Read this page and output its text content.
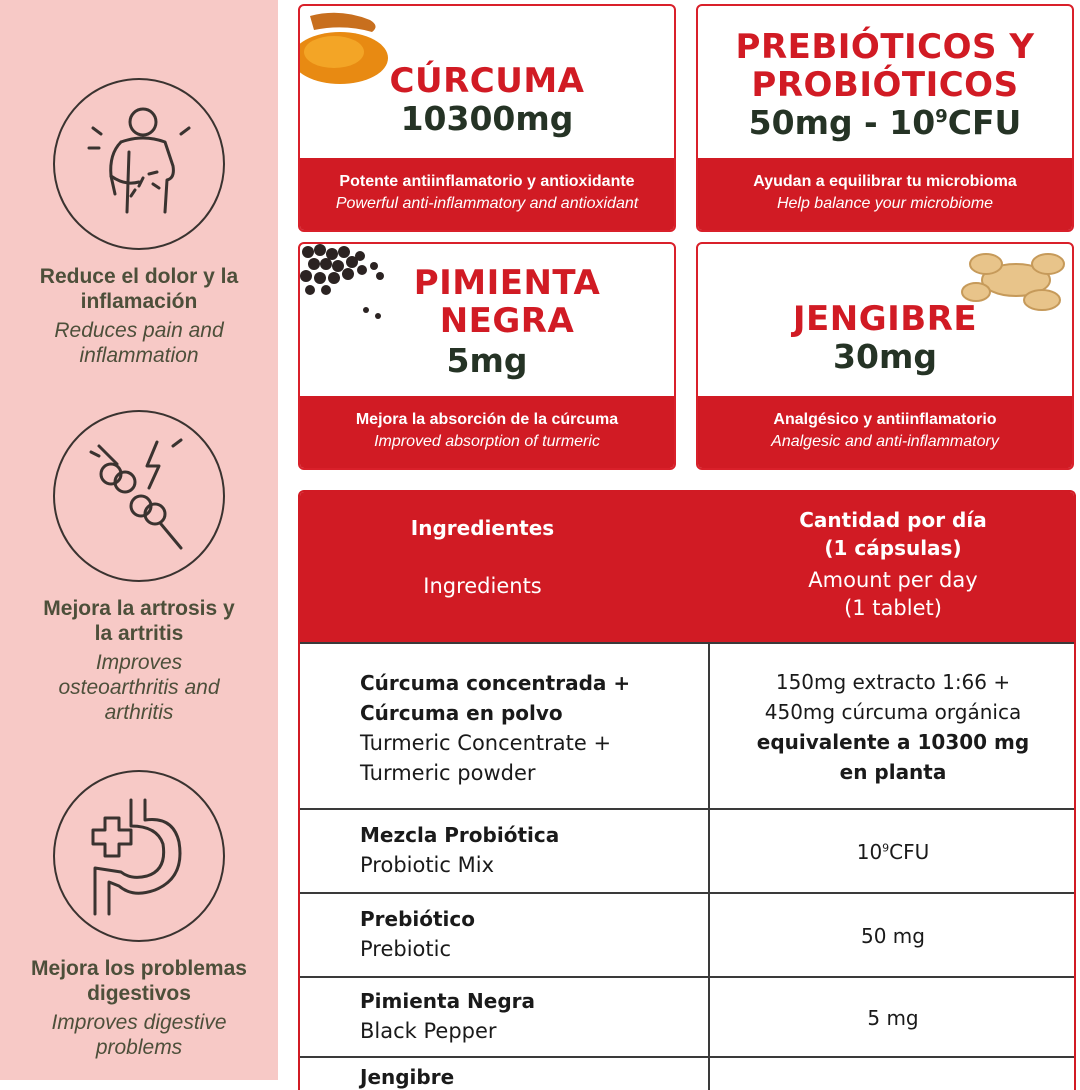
Reduce el dolor y la
inflamación
Reduces pain and
inflammation
Mejora la artrosis y
la artritis
Improves
osteoarthritis and
arthritis
Mejora los problemas
digestivos
Improves digestive
problems
CÚRCUMA
10300mg
Potente antiinflamatorio y antioxidante
Powerful anti-inflammatory and antioxidant
PREBIÓTICOS Y
PROBIÓTICOS
$50mg - 10^9CFU$
Ayudan a equilibrar tu microbioma
Help balance your microbiome
PIMIENTA
NEGRA
5mg
Mejora la absorción de la cúrcuma
Improved absorption of turmeric
JENGIBRE
30mg
Analgésico y antiinflamatorio
Analgesic and anti-inflammatory
Ingredientes
Ingredients
Cantidad por día
(1 cápsulas)
Amount per day
(1 tablet)
Cúrcuma concentrada +
Cúrcuma en polvo
Turmeric Concentrate +
Turmeric powder
150mg extracto 1:66 +
450mg cúrcuma orgánica
equivalente a 10300 mg
en planta
Mezcla Probiótica
Probiotic Mix
$10^9CFU$
Prebiótico
Prebiotic
50 mg
Pimienta Negra
Black Pepper
5 mg
Jengibre
